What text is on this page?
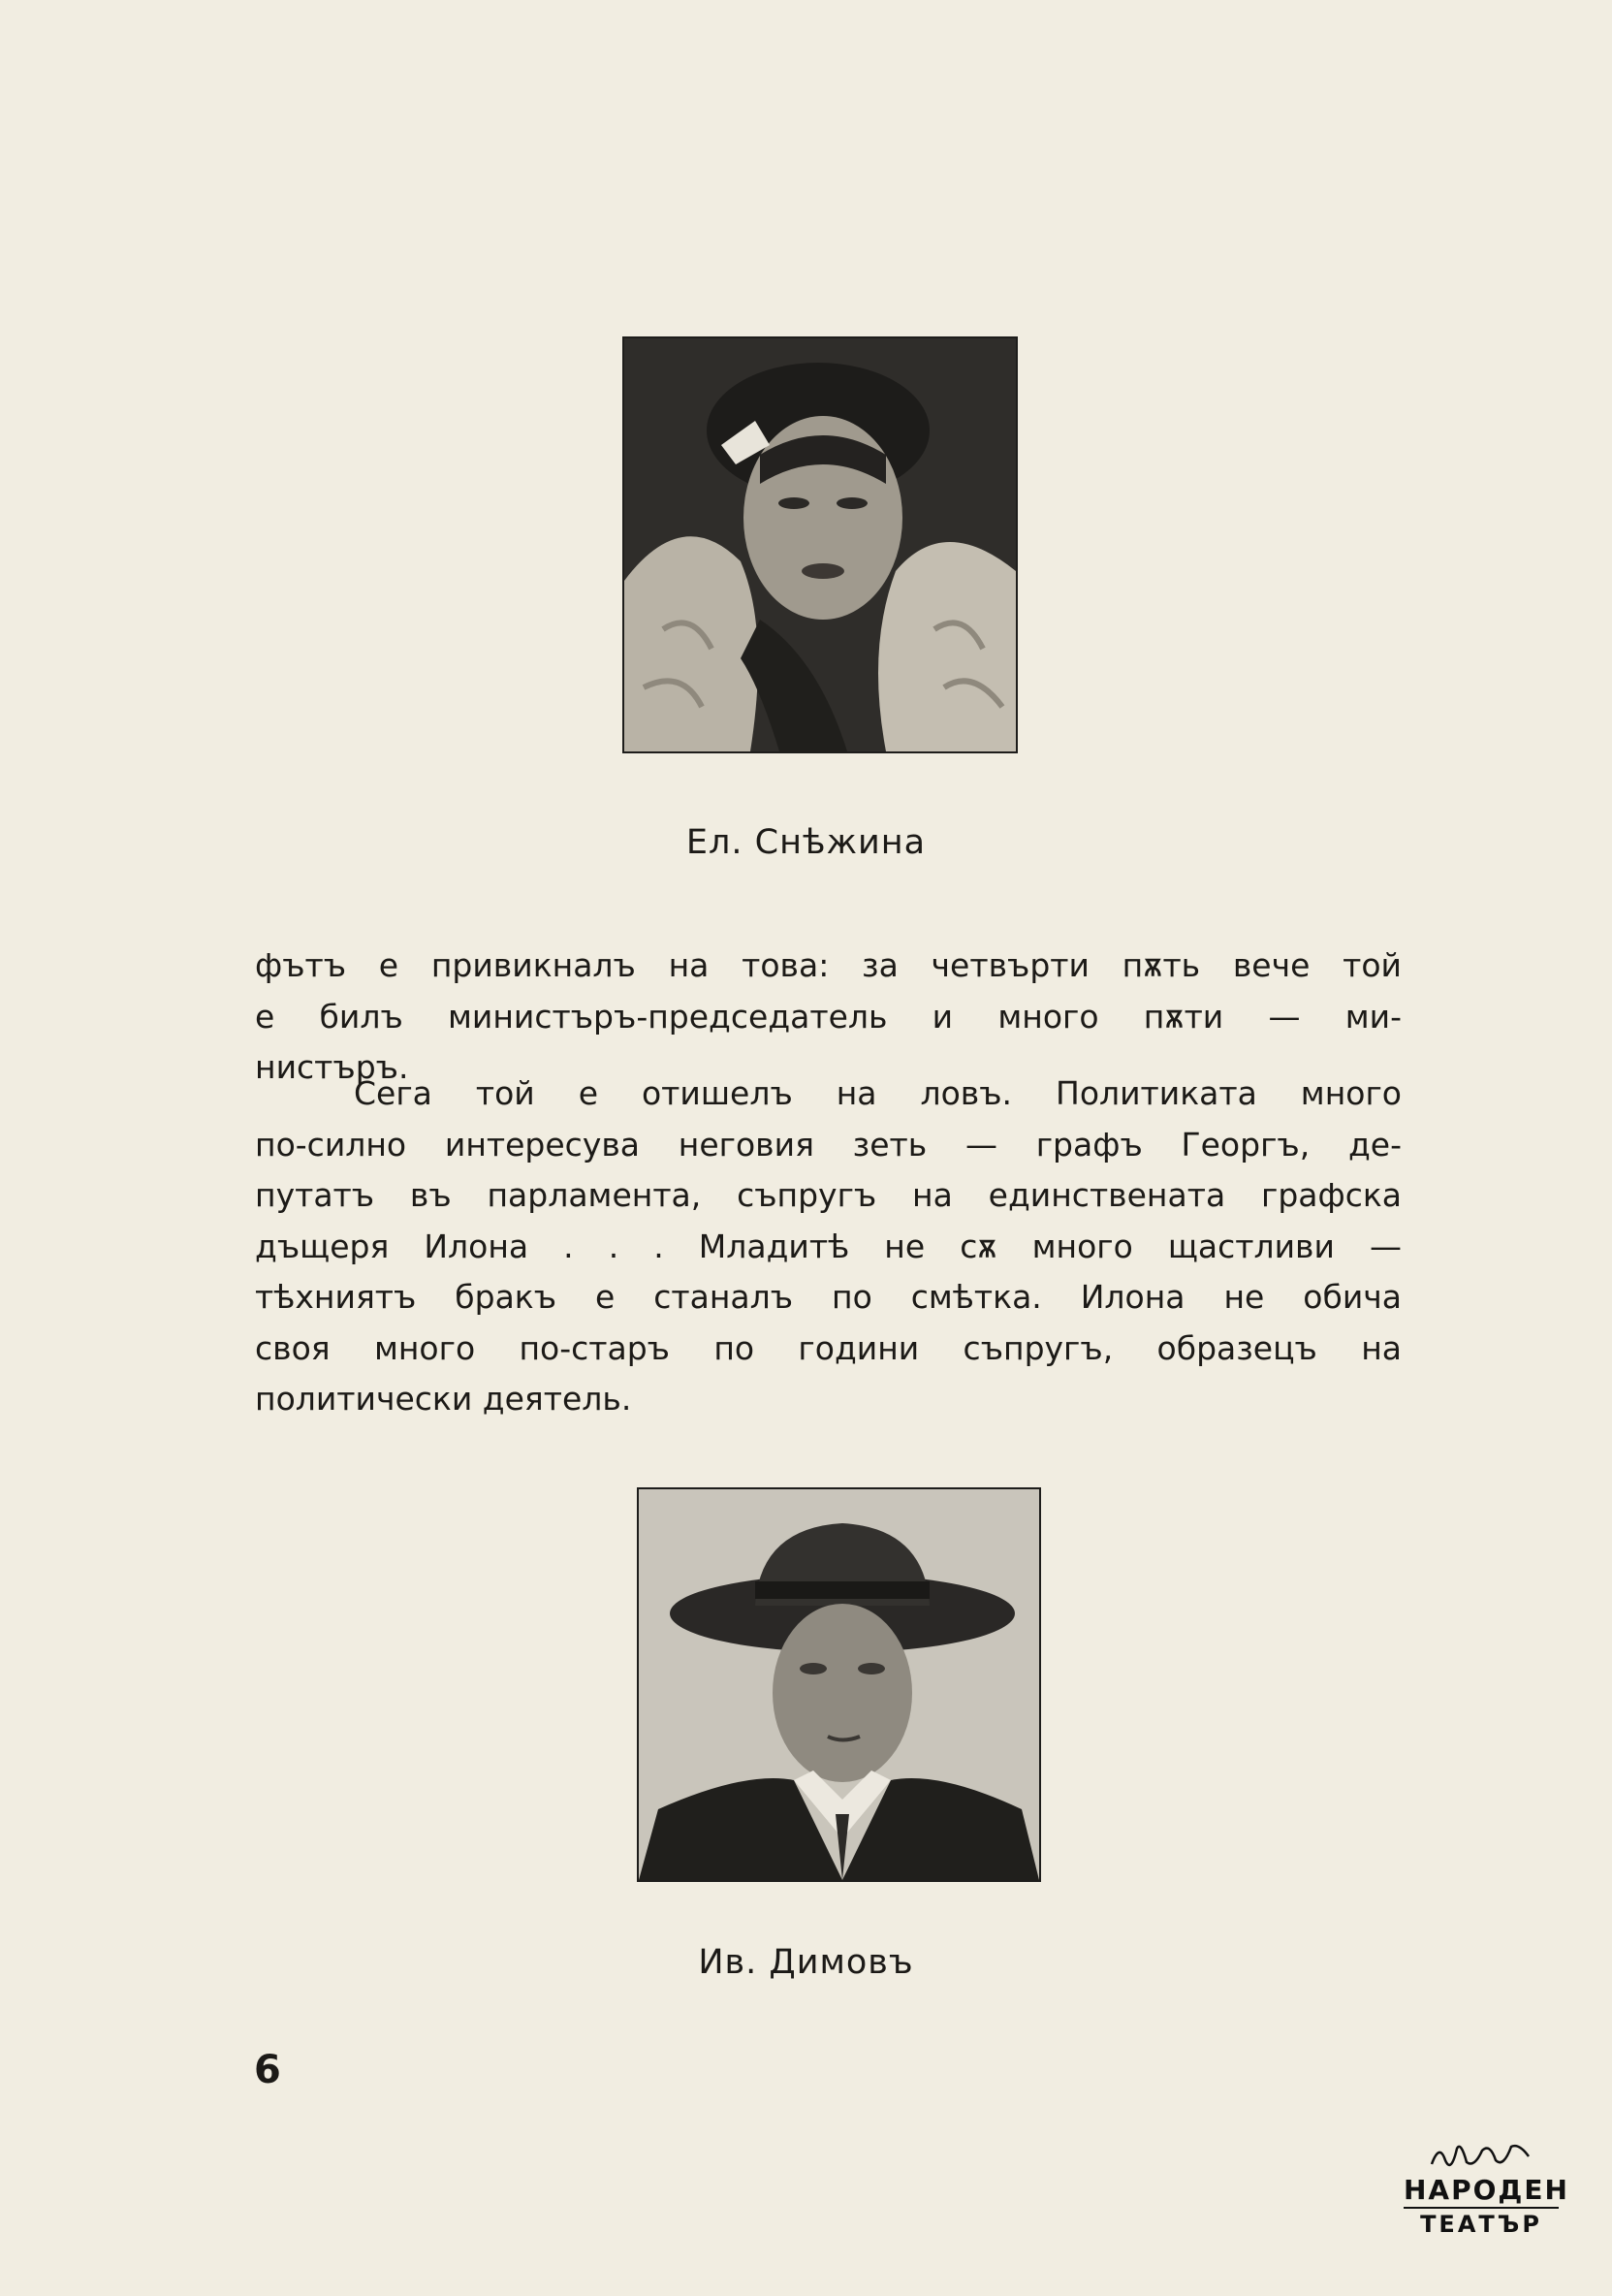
Ел. Снѣжина
фътъ е привикналъ на това: за четвърти пѫть вече той
е билъ министъръ-председатель и много пѫти — ми-
нистъръ.
Сега той е отишелъ на ловъ. Политиката много
по-силно интересува неговия зеть — графъ Георгъ, де-
путатъ въ парламента, съпругъ на единствената графска
дъщеря Илона . . . Младитѣ не сѫ много щастливи —
тѣхниятъ бракъ е станалъ по смѣтка. Илона не обича
своя много по-старъ по години съпругъ, образецъ на
политически деятель.
Ив. Димовъ
6
НАРОДЕН
ТЕАТЪР
